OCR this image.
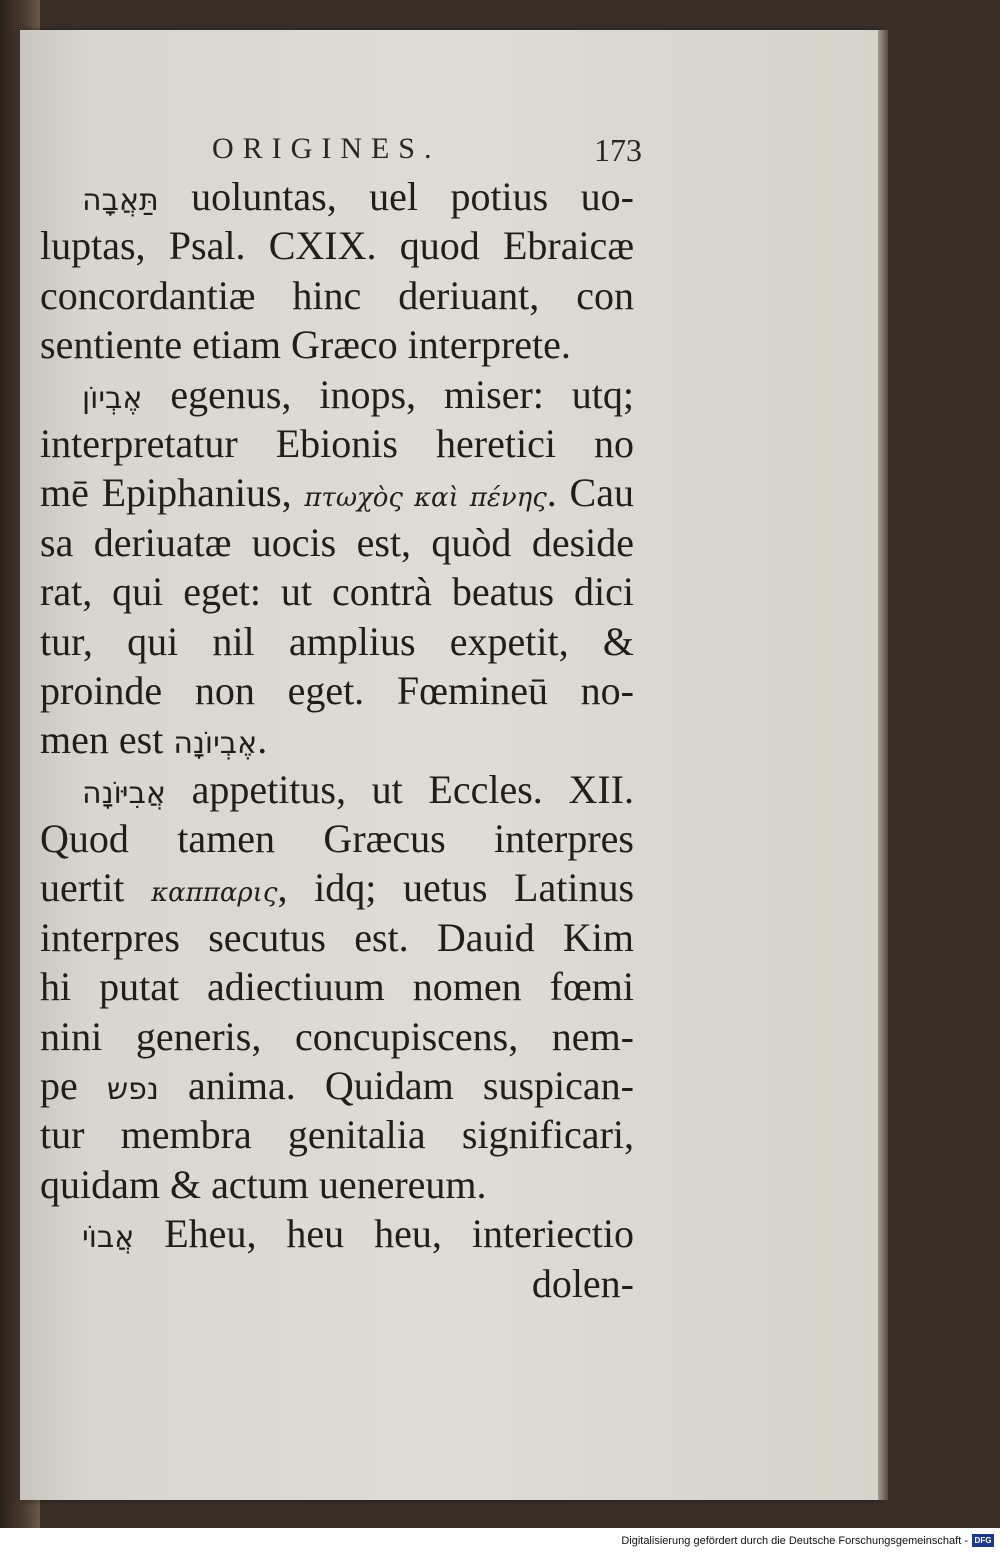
ORIGINES.	173
תַּאֲבָה uoluntas, uel potius uo-
luptas, Psal. CXIX. quod Ebraicæ
concordantiæ hinc deriuant, con
sentiente etiam Græco interprete.
אֶבְיוֹן egenus, inops, miser: utq;
interpretatur Ebionis heretici no
mē Epiphanius, πτωχὸς καὶ πένης. Cau
sa deriuatæ uocis est, quòd deside
rat, qui eget: ut contrà beatus dici
tur, qui nil amplius expetit, &
proinde non eget. Fœmineū no-
men est אֶבְיוֹנָה.
אֲבִיּוֹנָה appetitus, ut Eccles. XII.
Quod tamen Græcus interpres
uertit καππαρις, idq; uetus Latinus
interpres secutus est. Dauid Kim
hi putat adiectiuum nomen fœmi
nini generis, concupiscens, nem-
pe נפש anima. Quidam suspican-
tur membra genitalia significari,
quidam & actum uenereum.
אֲבוֹי Eheu, heu heu, interiectio
dolen-
Digitalisierung gefördert durch die Deutsche Forschungsgemeinschaft - DFG
